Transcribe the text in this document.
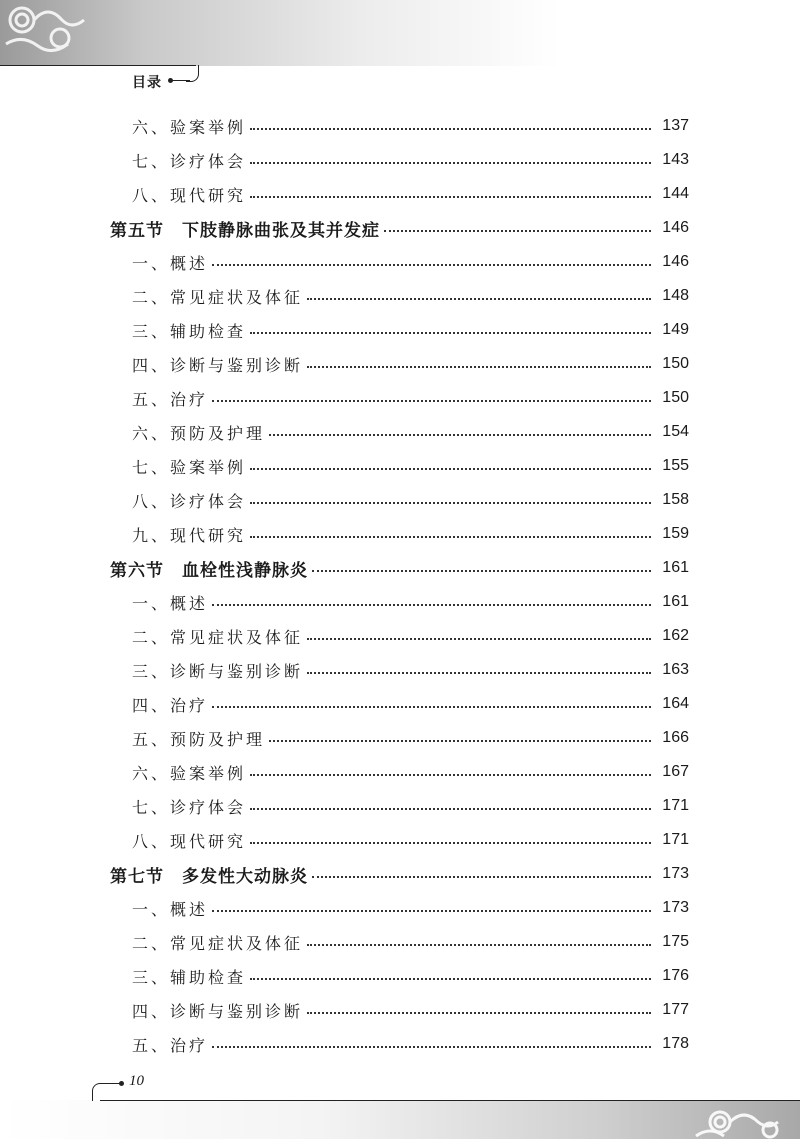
目录
六、验案举例	137
七、诊疗体会	143
八、现代研究	144
第五节 下肢静脉曲张及其并发症	146
一、概述	146
二、常见症状及体征	148
三、辅助检查	149
四、诊断与鉴别诊断	150
五、治疗	150
六、预防及护理	154
七、验案举例	155
八、诊疗体会	158
九、现代研究	159
第六节 血栓性浅静脉炎	161
一、概述	161
二、常见症状及体征	162
三、诊断与鉴别诊断	163
四、治疗	164
五、预防及护理	166
六、验案举例	167
七、诊疗体会	171
八、现代研究	171
第七节 多发性大动脉炎	173
一、概述	173
二、常见症状及体征	175
三、辅助检查	176
四、诊断与鉴别诊断	177
五、治疗	178
10
